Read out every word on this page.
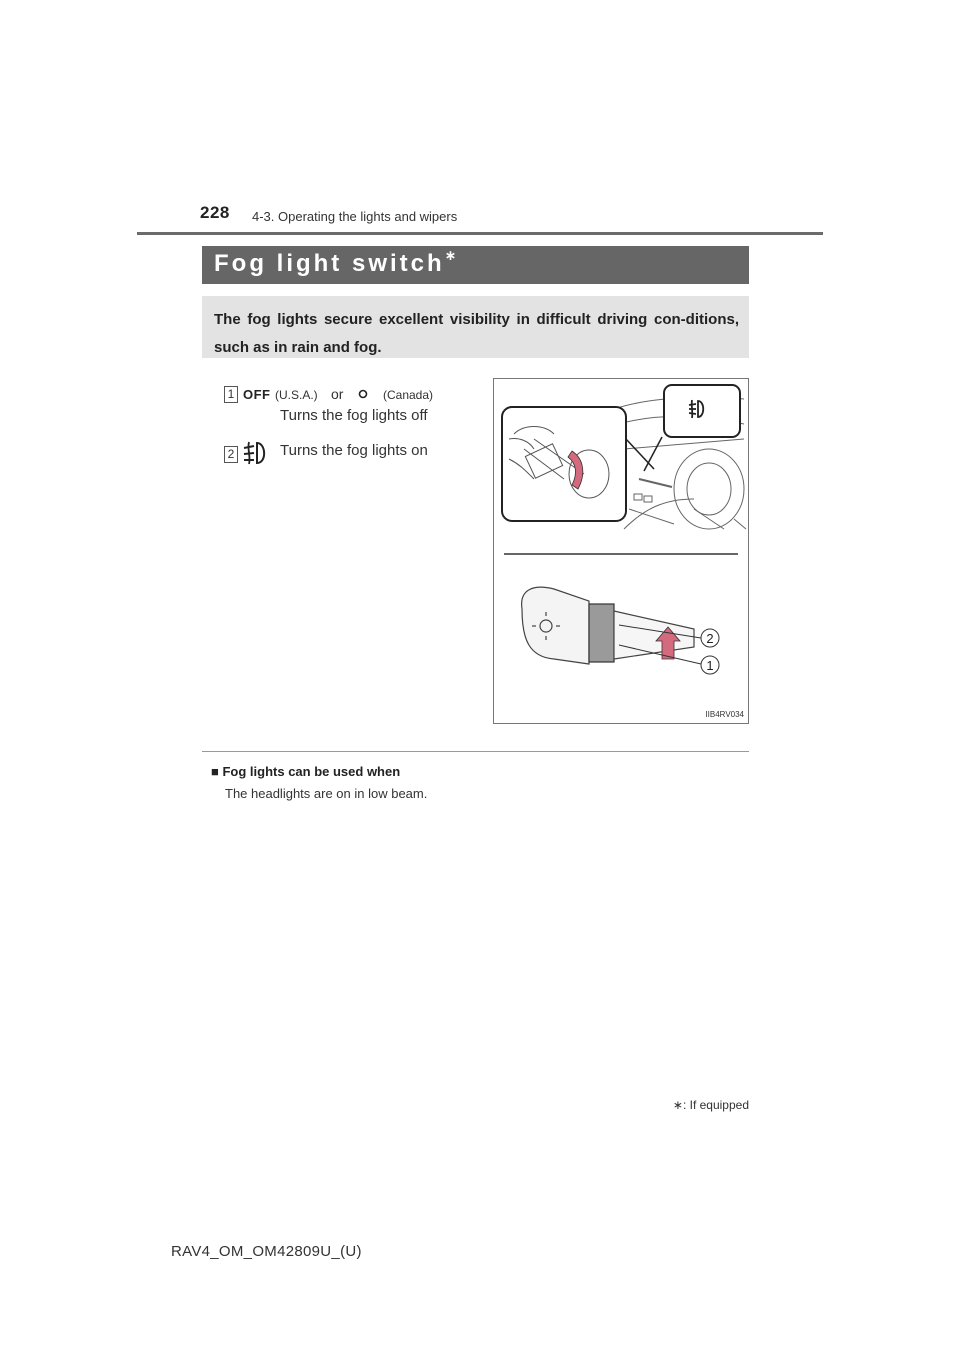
228 4-3. Operating the lights and wipers
Fog light switch∗
The fog lights secure excellent visibility in difficult driving con-ditions, such as in rain and fog.
1 OFF (U.S.A.) or	(Canada)
Turns the fog lights off
2	Turns the fog lights on
2
1
IIB4RV034
■ Fog lights can be used when
The headlights are on in low beam.
∗: If equipped
RAV4_OM_OM42809U_(U)
